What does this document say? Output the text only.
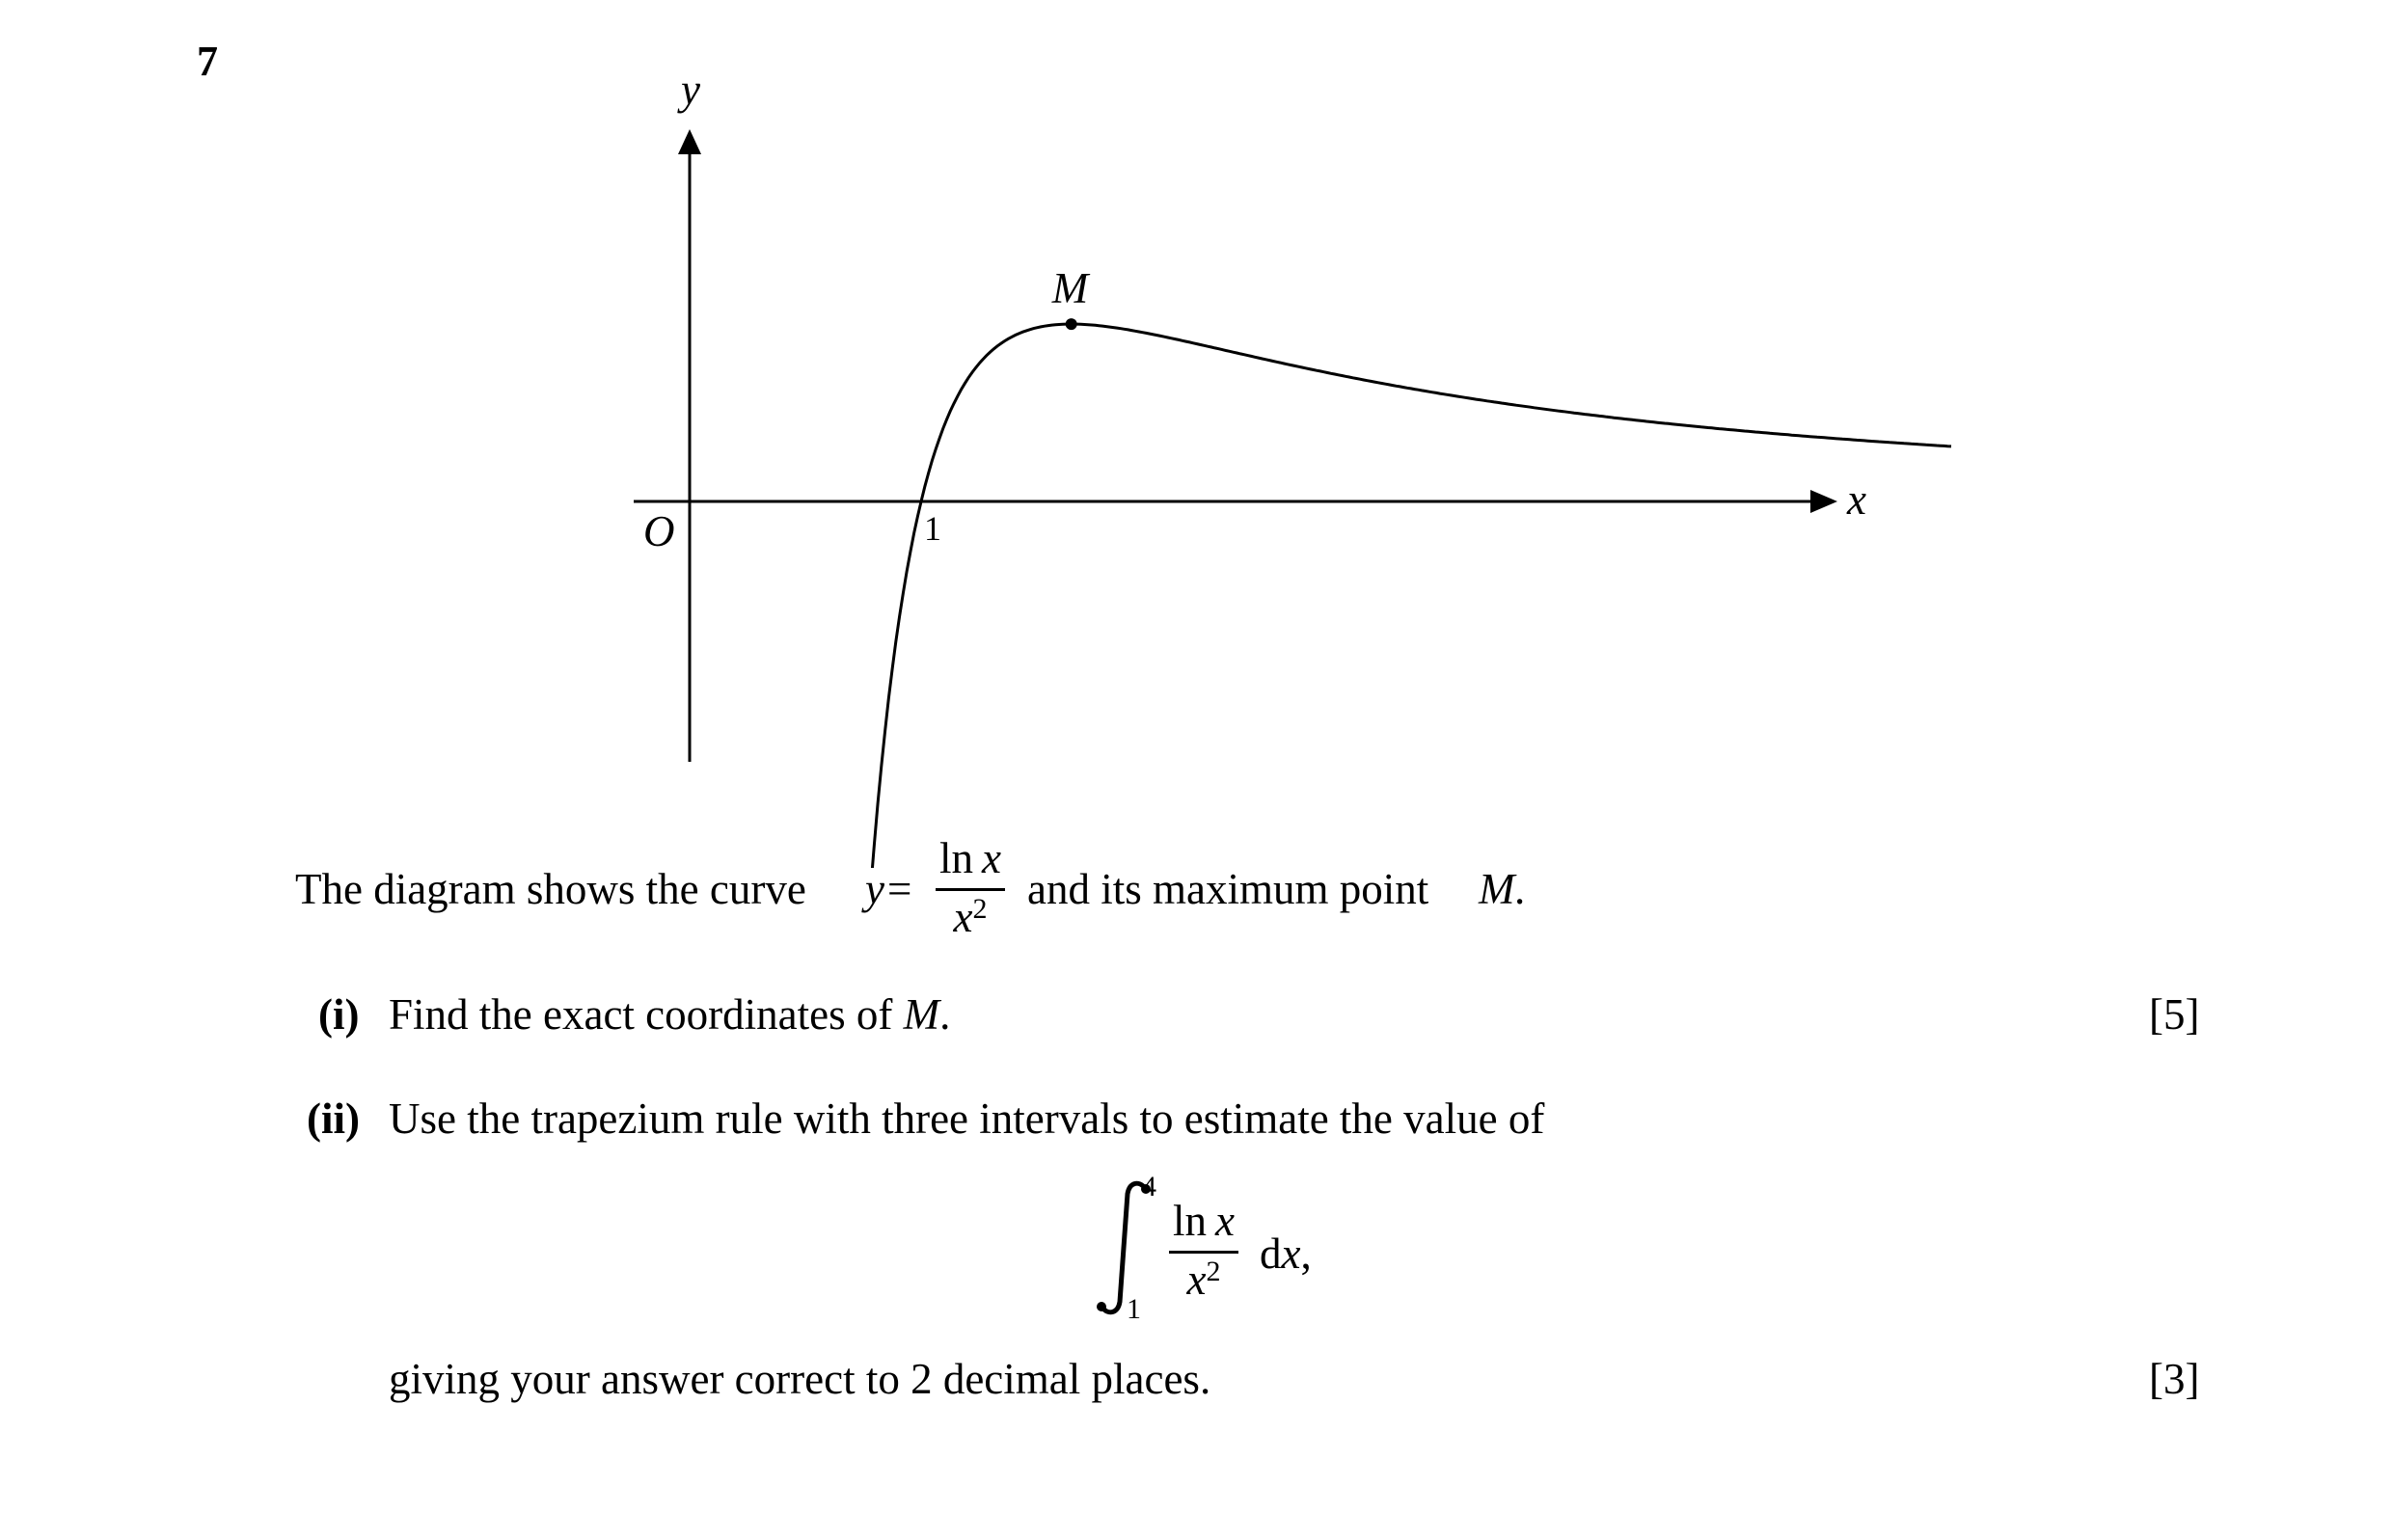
7
y
x
O	1
M
The diagram shows the curve $y = \frac{\text{ln  x}}{x^2}$ and its maximum point M .
(i) Find the exact coordinates of M.	[5]
(ii) Use the trapezium rule with three intervals to estimate the value of
4
1
$\frac{\text{ln  x}}{x^2}$ dx,
giving your answer correct to 2 decimal places.	[3]
